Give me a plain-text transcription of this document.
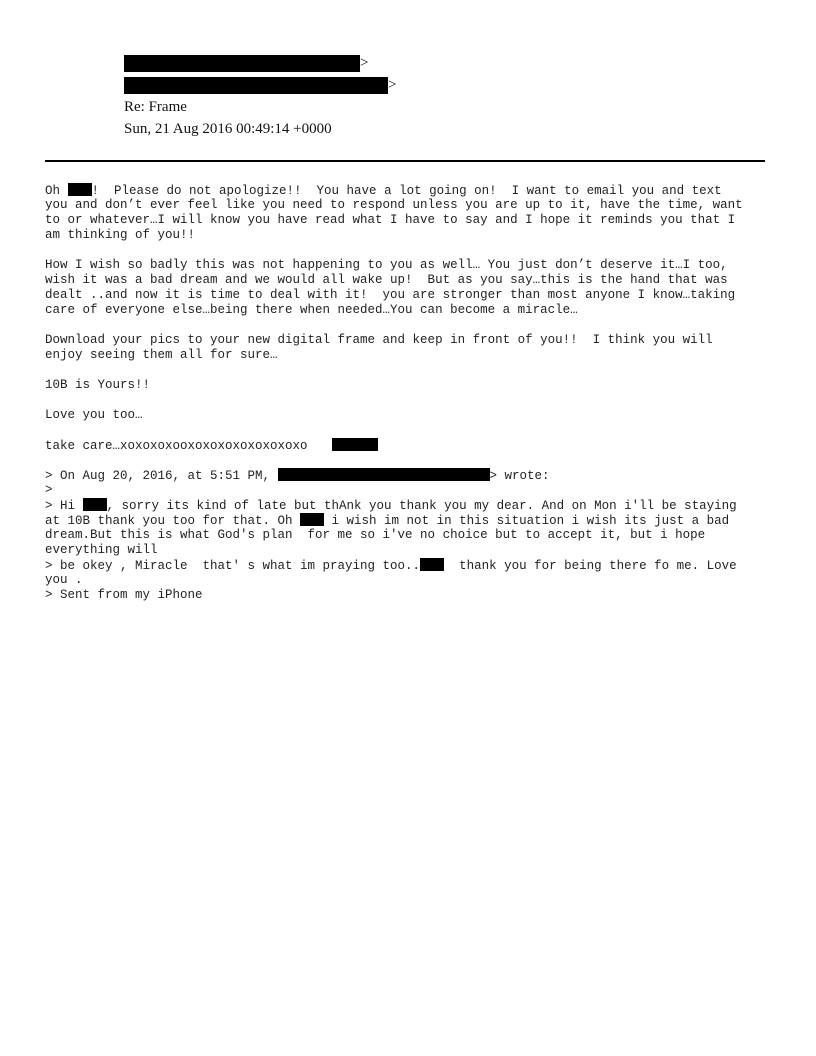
>
>
Re: Frame
Sun, 21 Aug 2016 00:49:14 +0000
Oh !  Please do not apologize!!  You have a lot going on!  I want to email you and text
you and don’t ever feel like you need to respond unless you are up to it, have the time, want
to or whatever…I will know you have read what I have to say and I hope it reminds you that I
am thinking of you!!
How I wish so badly this was not happening to you as well… You just don’t deserve it…I too,
wish it was a bad dream and we would all wake up!  But as you say…this is the hand that was
dealt ..and now it is time to deal with it!  you are stronger than most anyone I know…taking
care of everyone else…being there when needed…You can become a miracle…
Download your pics to your new digital frame and keep in front of you!!  I think you will
enjoy seeing them all for sure…
10B is Yours!!
Love you too…
take care…xoxoxoxooxoxoxoxoxoxoxoxo
> On Aug 20, 2016, at 5:51 PM,	> wrote:
>
> Hi , sorry its kind of late but thAnk you thank you my dear. And on Mon i'll be staying
at 10B thank you too for that. Oh  i wish im not in this situation i wish its just a bad
dream.But this is what God's plan  for me so i've no choice but to accept it, but i hope
everything will
> be okey , Miracle  that' s what im praying too..  thank you for being there fo me. Love
you .
> Sent from my iPhone
